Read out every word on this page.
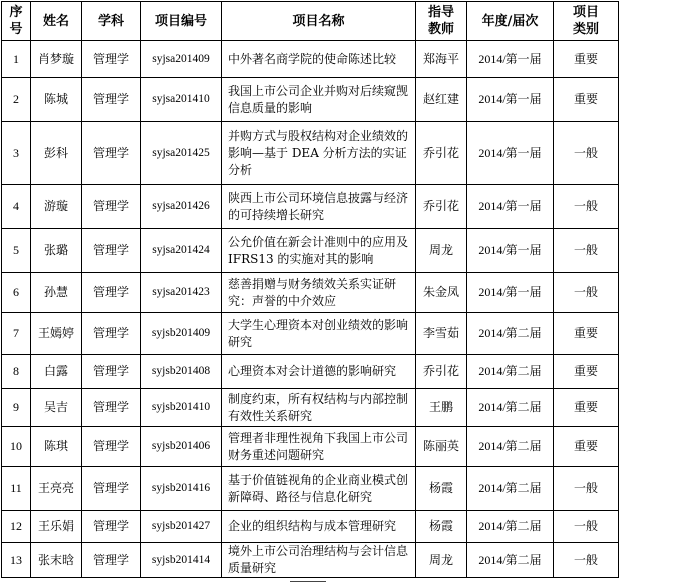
序号	姓名	学科	项目编号	项目名称	指导教师	年度/届次	项目类别
1	肖梦璇	管理学	syjsa201409	中外著名商学院的使命陈述比较	郑海平	2014/第一届	重要
2	陈城	管理学	syjsa201410	我国上市公司企业并购对后续窥觊信息质量的影响	赵红建	2014/第一届	重要
3	彭科	管理学	syjsa201425	并购方式与股权结构对企业绩效的影响—基于 DEA 分析方法的实证分析	乔引花	2014/第一届	一般
4	游璇	管理学	syjsa201426	陕西上市公司环境信息披露与经济的可持续增长研究	乔引花	2014/第一届	一般
5	张璐	管理学	syjsa201424	公允价值在新会计准则中的应用及 IFRS13 的实施对其的影响	周龙	2014/第一届	一般
6	孙慧	管理学	syjsa201423	慈善捐赠与财务绩效关系实证研究：声誉的中介效应	朱金凤	2014/第一届	一般
7	王嫣婷	管理学	syjsb201409	大学生心理资本对创业绩效的影响研究	李雪茹	2014/第二届	重要
8	白露	管理学	syjsb201408	心理资本对会计道德的影响研究	乔引花	2014/第二届	重要
9	吴吉	管理学	syjsb201410	制度约束，所有权结构与内部控制有效性关系研究	王鹏	2014/第二届	重要
10	陈琪	管理学	syjsb201406	管理者非理性视角下我国上市公司财务重述问题研究	陈丽英	2014/第二届	重要
11	王亮亮	管理学	syjsb201416	基于价值链视角的企业商业模式创新障碍、路径与信息化研究	杨霞	2014/第二届	一般
12	王乐娟	管理学	syjsb201427	企业的组织结构与成本管理研究	杨霞	2014/第二届	一般
13	张末晗	管理学	syjsb201414	境外上市公司治理结构与会计信息质量研究	周龙	2014/第二届	一般
